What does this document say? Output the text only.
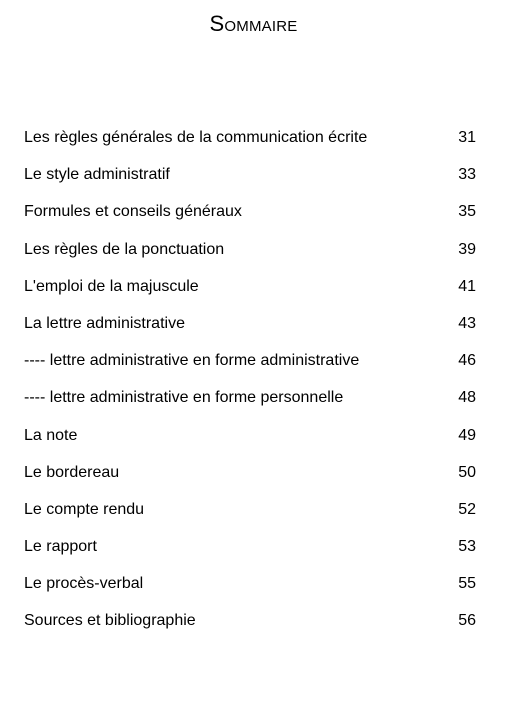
Sommaire
Les règles générales de la communication écrite	31
Le style administratif	33
Formules et conseils généraux	35
Les règles de la ponctuation	39
L'emploi de la majuscule	41
La lettre administrative	43
---- lettre administrative en forme administrative	46
---- lettre administrative en forme personnelle	48
La note	49
Le bordereau	50
Le compte rendu	52
Le rapport	53
Le procès-verbal	55
Sources et bibliographie	56
